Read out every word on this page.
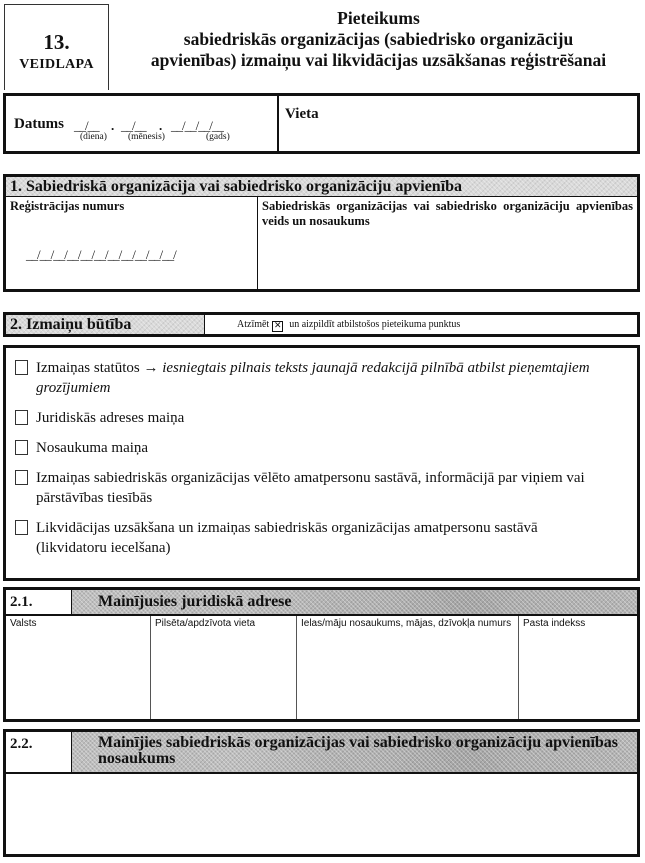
13.
VEIDLAPA
Pieteikums
sabiedriskās organizācijas (sabiedrisko organizāciju
apvienības) izmaiņu vai likvidācijas uzsākšanas reģistrēšanai
Datums __/__ . __/__ . __/__/__/__
(diena) (mēnesis)	(gads)
Vieta
1. Sabiedriskā organizācija vai sabiedrisko organizāciju apvienība
Reģistrācijas numurs
__/__/__/__/__/__/__/__/__/__/__/
Sabiedriskās organizācijas vai sabiedrisko organizāciju apvienības veids un nosaukums
2. Izmaiņu būtība	Atzīmēt ✕ un aizpildīt atbilstošos pieteikuma punktus
Izmaiņas statūtos → iesniegtais pilnais teksts jaunajā redakcijā pilnībā atbilst pieņemtajiem grozījumiem
Juridiskās adreses maiņa
Nosaukuma maiņa
Izmaiņas sabiedriskās organizācijas vēlēto amatpersonu sastāvā, informācijā par viņiem vai pārstāvības tiesībās
Likvidācijas uzsākšana un izmaiņas sabiedriskās organizācijas amatpersonu sastāvā (likvidatoru iecelšana)
2.1.	Mainījusies juridiskā adrese
Valsts	Pilsēta/apdzīvota vieta	Ielas/māju nosaukums, mājas, dzīvokļa numurs	Pasta indekss
2.2.	Mainījies sabiedriskās organizācijas vai sabiedrisko organizāciju apvienības nosaukums
